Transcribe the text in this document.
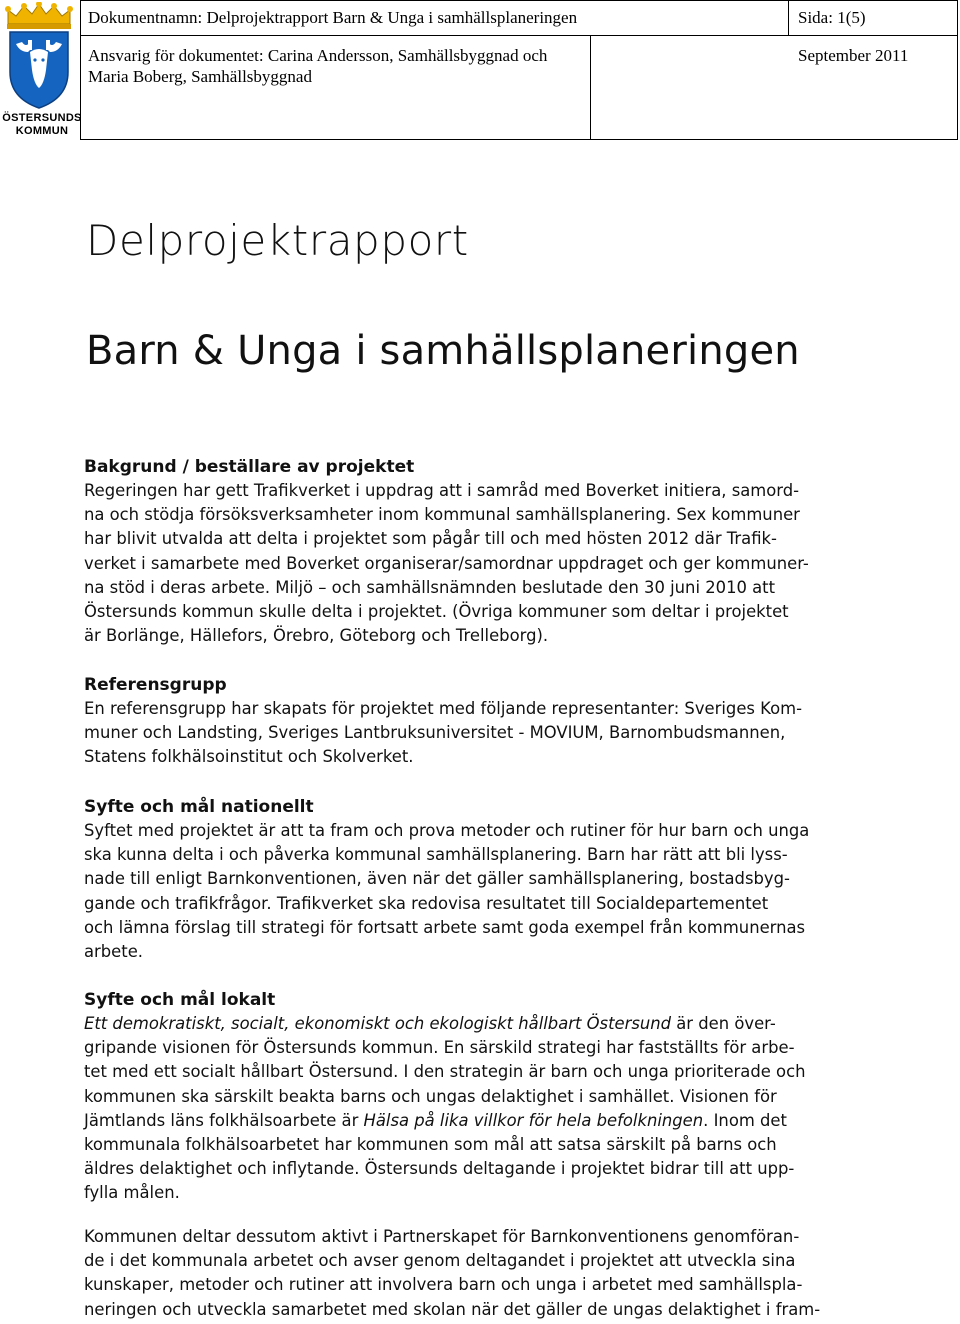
ÖSTERSUNDS
KOMMUN
Dokumentnamn: Delprojektrapport Barn & Unga i samhällsplaneringen	Sida: 1(5)
Ansvarig för dokumentet: Carina Andersson, Samhällsbyggnad och
Maria Boberg, Samhällsbyggnad
September 2011
Delprojektrapport
Barn & Unga i samhällsplaneringen
Bakgrund / beställare av projektet

Regeringen har gett Trafikverket i uppdrag att i samråd med Boverket initiera, samord-
na och stödja försöksverksamheter inom kommunal samhällsplanering. Sex kommuner
har blivit utvalda att delta i projektet som pågår till och med hösten 2012 där Trafik-
verket i samarbete med Boverket organiserar/samordnar uppdraget och ger kommuner-
na stöd i deras arbete. Miljö – och samhällsnämnden beslutade den 30 juni 2010 att
Östersunds kommun skulle delta i projektet. (Övriga kommuner som deltar i projektet
är Borlänge, Hällefors, Örebro, Göteborg och Trelleborg).

Referensgrupp

En referensgrupp har skapats för projektet med följande representanter: Sveriges Kom-
muner och Landsting, Sveriges Lantbruksuniversitet - MOVIUM, Barnombudsmannen,
Statens folkhälsoinstitut och Skolverket.

Syfte och mål nationellt

Syftet med projektet är att ta fram och prova metoder och rutiner för hur barn och unga
ska kunna delta i och påverka kommunal samhällsplanering. Barn har rätt att bli lyss-
nade till enligt Barnkonventionen, även när det gäller samhällsplanering, bostadsbyg-
gande och trafikfrågor. Trafikverket ska redovisa resultatet till Socialdepartementet
och lämna förslag till strategi för fortsatt arbete samt goda exempel från kommunernas
arbete.

Syfte och mål lokalt

Ett demokratiskt, socialt, ekonomiskt och ekologiskt hållbart Östersund är den över-
gripande visionen för Östersunds kommun. En särskild strategi har fastställts för arbe-
tet med ett socialt hållbart Östersund. I den strategin är barn och unga prioriterade och
kommunen ska särskilt beakta barns och ungas delaktighet i samhället. Visionen för
Jämtlands läns folkhälsoarbete är Hälsa på lika villkor för hela befolkningen. Inom det
kommunala folkhälsoarbetet har kommunen som mål att satsa särskilt på barns och
äldres delaktighet och inflytande. Östersunds deltagande i projektet bidrar till att upp-
fylla målen.

Kommunen deltar dessutom aktivt i Partnerskapet för Barnkonventionens genomföran-
de i det kommunala arbetet och avser genom deltagandet i projektet att utveckla sina
kunskaper, metoder och rutiner att involvera barn och unga i arbetet med samhällspla-
neringen och utveckla samarbetet med skolan när det gäller de ungas delaktighet i fram-
